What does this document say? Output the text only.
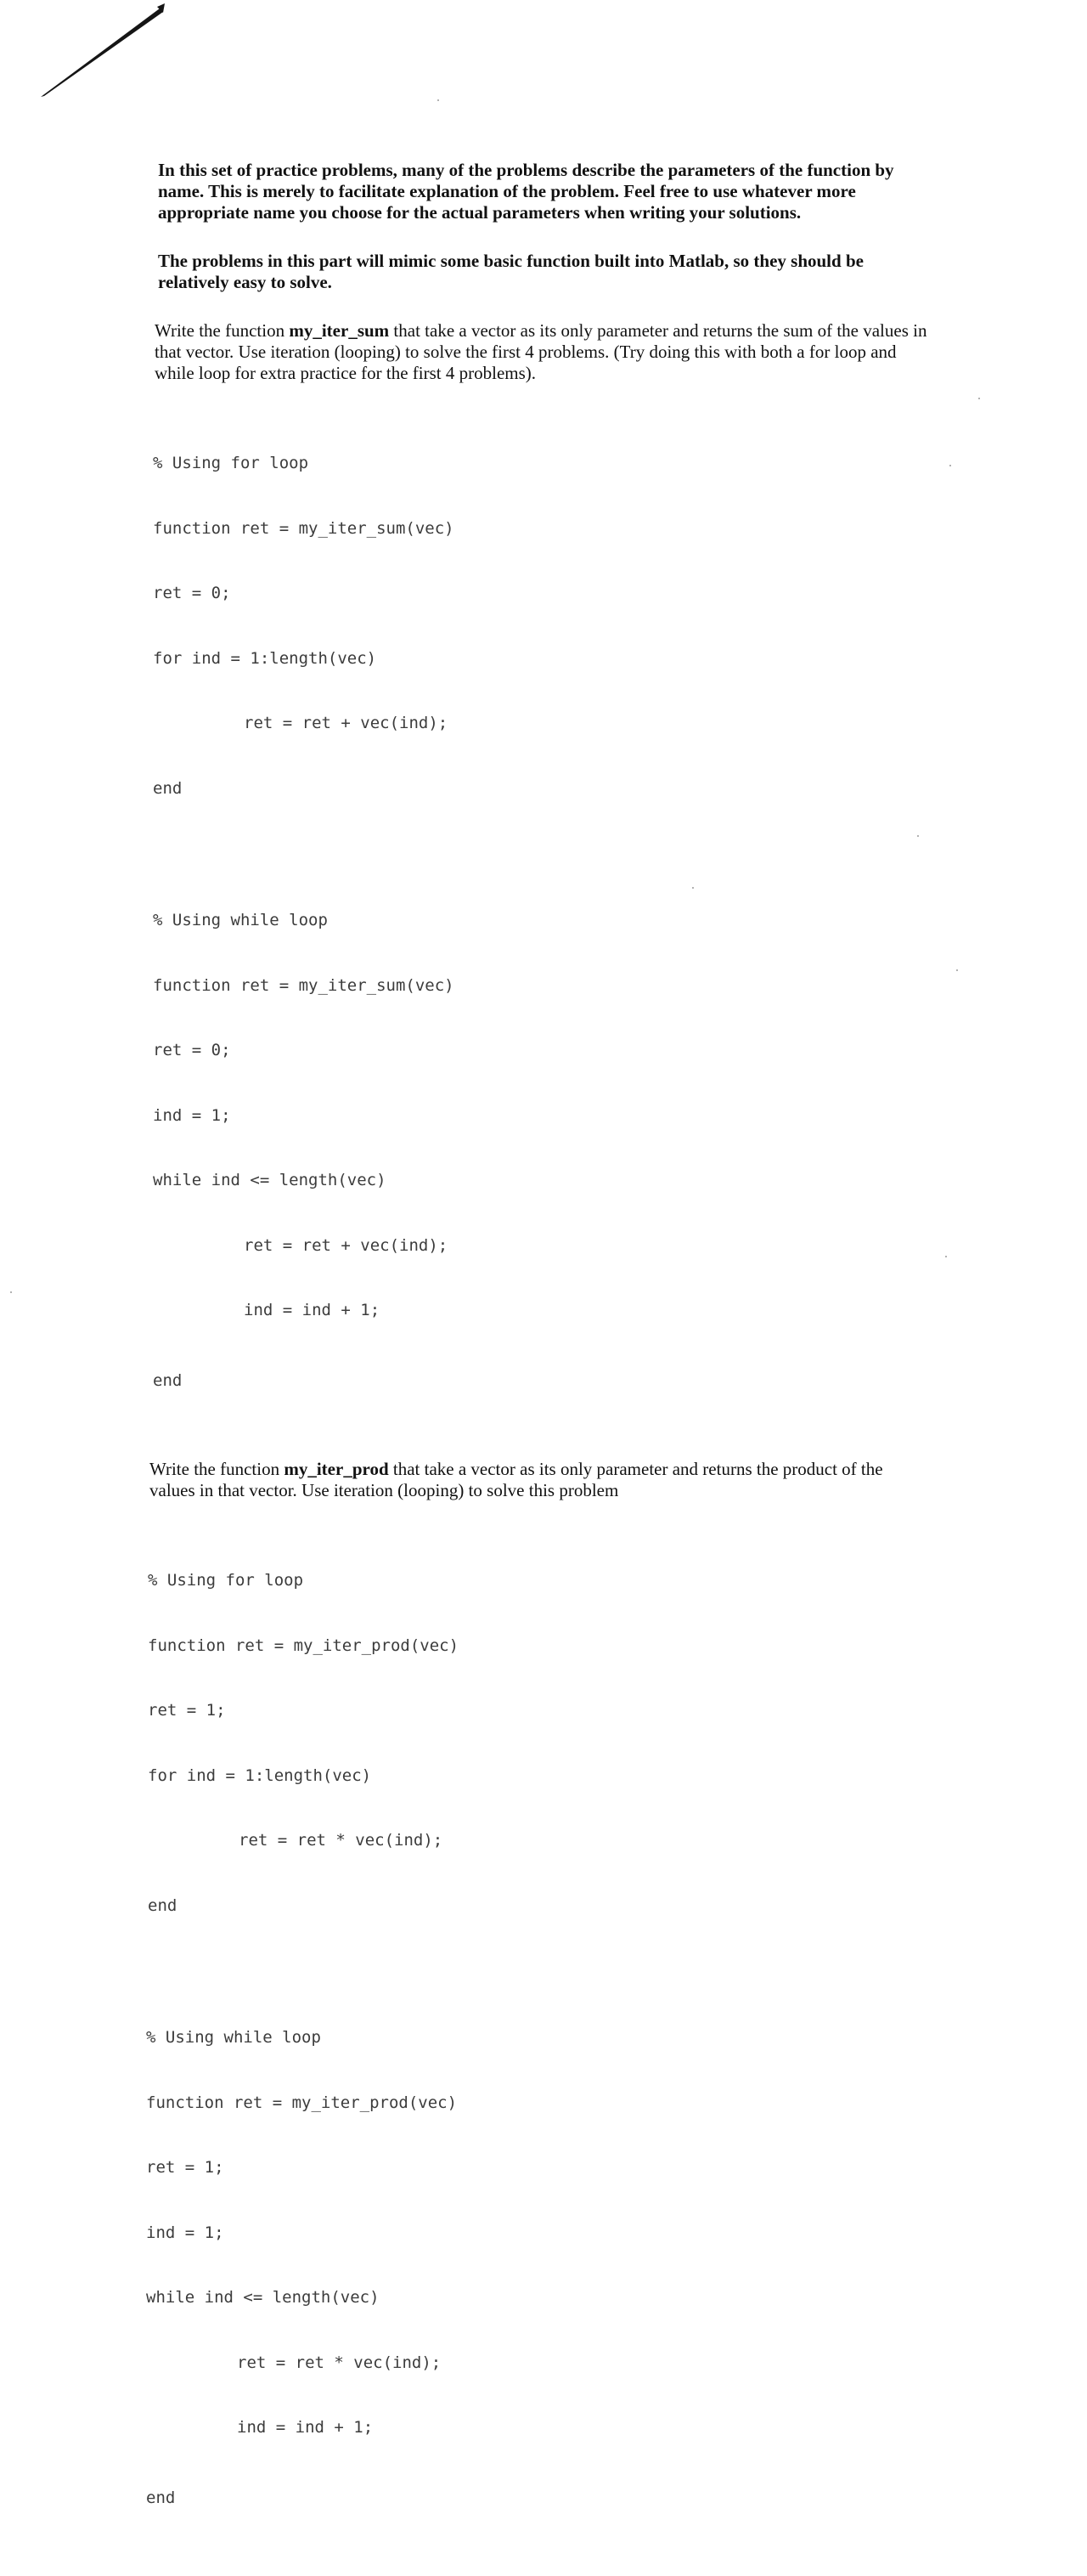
In this set of practice problems, many of the problems describe the parameters of the function by name. This is merely to facilitate explanation of the problem. Feel free to use whatever more appropriate name you choose for the actual parameters when writing your solutions.

The problems in this part will mimic some basic function built into Matlab, so they should be relatively easy to solve.

Write the function my_iter_sum that take a vector as its only parameter and returns the sum of the values in that vector. Use iteration (looping) to solve the first 4 problems. (Try doing this with both a for loop and while loop for extra practice for the first 4 problems).

% Using for loop

function ret = my_iter_sum(vec)

ret = 0;

for ind = 1:length(vec)

ret = ret + vec(ind);

end

% Using while loop

function ret = my_iter_sum(vec)

ret = 0;

ind = 1;

while ind <= length(vec)

ret = ret + vec(ind);

ind = ind + 1;

end

Write the function my_iter_prod that take a vector as its only parameter and returns the product of the values in that vector. Use iteration (looping) to solve this problem

% Using for loop

function ret = my_iter_prod(vec)

ret = 1;

for ind = 1:length(vec)

ret = ret * vec(ind);

end

% Using while loop

function ret = my_iter_prod(vec)

ret = 1;

ind = 1;

while ind <= length(vec)

ret = ret * vec(ind);

ind = ind + 1;

end
